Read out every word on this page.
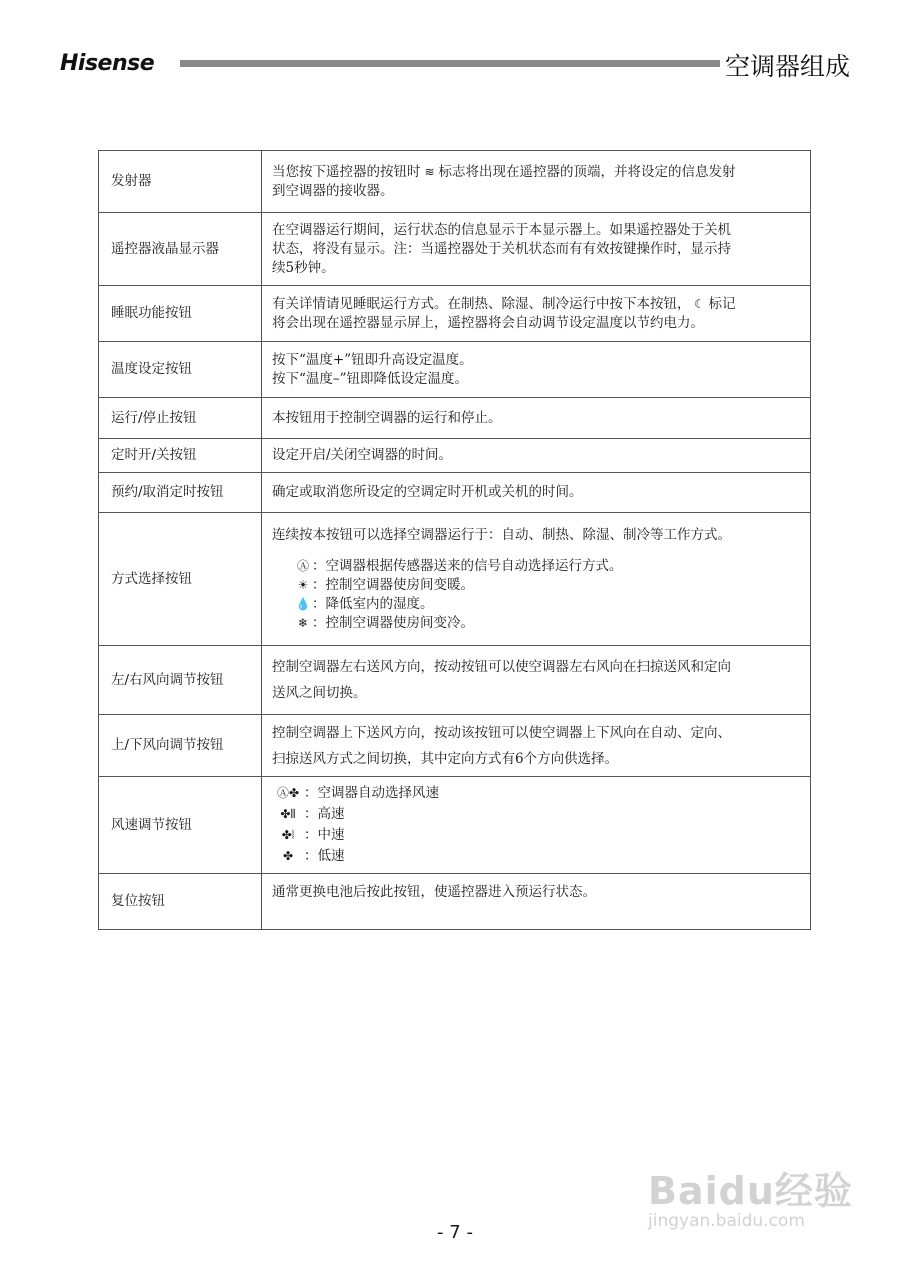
Hisense	空调器组成
发射器	当您按下遥控器的按钮时 ≋ 标志将出现在遥控器的顶端，并将设定的信息发射
到空调器的接收器。

遥控器液晶显示器	在空调器运行期间，运行状态的信息显示于本显示器上。如果遥控器处于关机
状态，将没有显示。注：当遥控器处于关机状态而有有效按键操作时，显示持
续5秒钟。

睡眠功能按钮	有关详情请见睡眠运行方式。在制热、除湿、制冷运行中按下本按钮， ☾ 标记
将会出现在遥控器显示屏上，遥控器将会自动调节设定温度以节约电力。

温度设定按钮	按下“温度+”钮即升高设定温度。
按下“温度–”钮即降低设定温度。

运行/停止按钮	本按钮用于控制空调器的运行和停止。
定时开/关按钮	设定开启/关闭空调器的时间。
预约/取消定时按钮	确定或取消您所设定的空调定时开机或关机的时间。
方式选择按钮	连续按本按钮可以选择空调器运行于：自动、制热、除湿、制冷等工作方式。
Ⓐ ：空调器根据传感器送来的信号自动选择运行方式。
☀ ：控制空调器使房间变暖。
💧 ：降低室内的湿度。
❄ ：控制空调器使房间变冷。

左/右风向调节按钮	控制空调器左右送风方向，按动按钮可以使空调器左右风向在扫掠送风和定向
送风之间切换。

上/下风向调节按钮	控制空调器上下送风方向，按动该按钮可以使空调器上下风向在自动、定向、
扫掠送风方式之间切换，其中定向方式有6个方向供选择。

风速调节按钮	Ⓐ✤ ：空调器自动选择风速
✤⦀ ：高速
✤⦚ ：中速
✤ ：低速

复位按钮	通常更换电池后按此按钮，使遥控器进入预运行状态。
Baidu经验
jingyan.baidu.com
- 7 -
